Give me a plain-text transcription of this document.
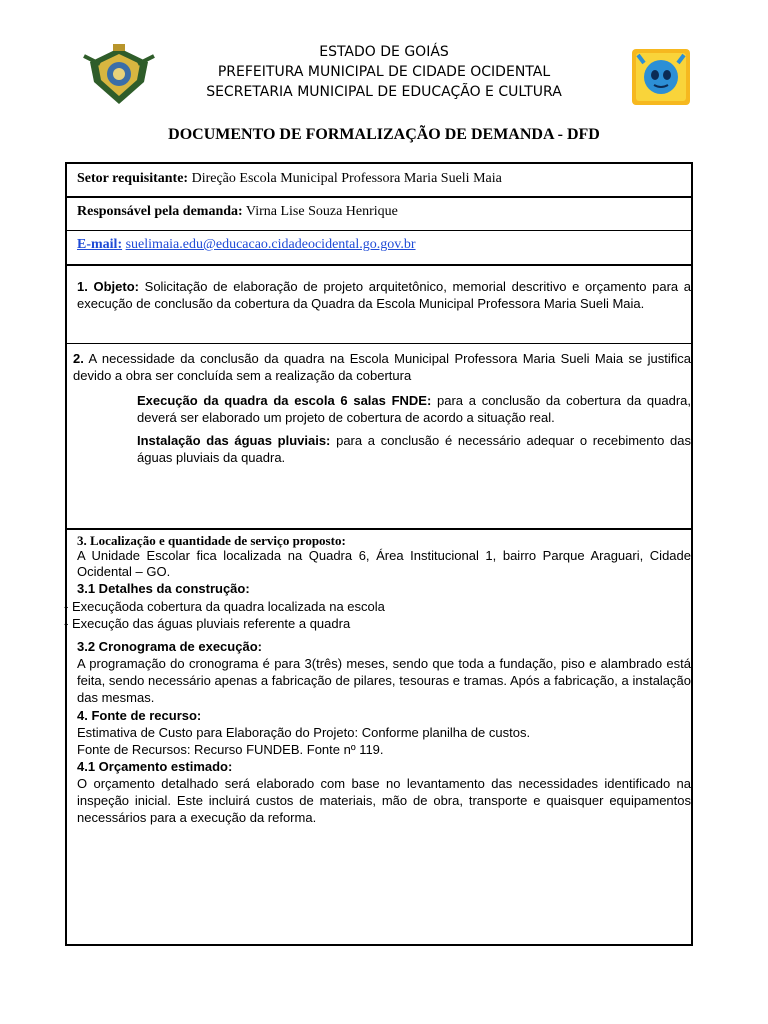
ESTADO DE GOIÁS
PREFEITURA MUNICIPAL DE CIDADE OCIDENTAL
SECRETARIA MUNICIPAL DE EDUCAÇÃO E CULTURA
DOCUMENTO DE FORMALIZAÇÃO DE DEMANDA - DFD
Setor requisitante: Direção Escola Municipal Professora Maria Sueli Maia
Responsável pela demanda: Virna Lise Souza Henrique
E-mail: suelimaia.edu@educacao.cidadeocidental.go.gov.br
1. Objeto: Solicitação de elaboração de projeto arquitetônico, memorial descritivo e orçamento para a execução de conclusão da cobertura da Quadra da Escola Municipal Professora Maria Sueli Maia.
2. A necessidade da conclusão da quadra na Escola Municipal Professora Maria Sueli Maia se justifica devido a obra ser concluída sem a realização da cobertura
Execução da quadra da escola 6 salas FNDE: para a conclusão da cobertura da quadra, deverá ser elaborado um projeto de cobertura de acordo a situação real.
Instalação das águas pluviais: para a conclusão é necessário adequar o recebimento das águas pluviais da quadra.
3. Localização e quantidade de serviço proposto:
A Unidade Escolar fica localizada na Quadra 6, Área Institucional 1, bairro Parque Araguari, Cidade Ocidental – GO.
3.1 Detalhes da construção:
- Execuçãoda cobertura da quadra localizada na escola
- Execução das águas pluviais referente a quadra
3.2 Cronograma de execução:
A programação do cronograma é para 3(três) meses, sendo que toda a fundação, piso e alambrado está feita, sendo necessário apenas a fabricação de pilares, tesouras e tramas. Após a fabricação, a instalação das mesmas.
4. Fonte de recurso:
Estimativa de Custo para Elaboração do Projeto: Conforme planilha de custos.
Fonte de Recursos: Recurso FUNDEB. Fonte nº 119.
4.1 Orçamento estimado:
O orçamento detalhado será elaborado com base no levantamento das necessidades identificado na inspeção inicial. Este incluirá custos de materiais, mão de obra, transporte e quaisquer equipamentos necessários para a execução da reforma.
